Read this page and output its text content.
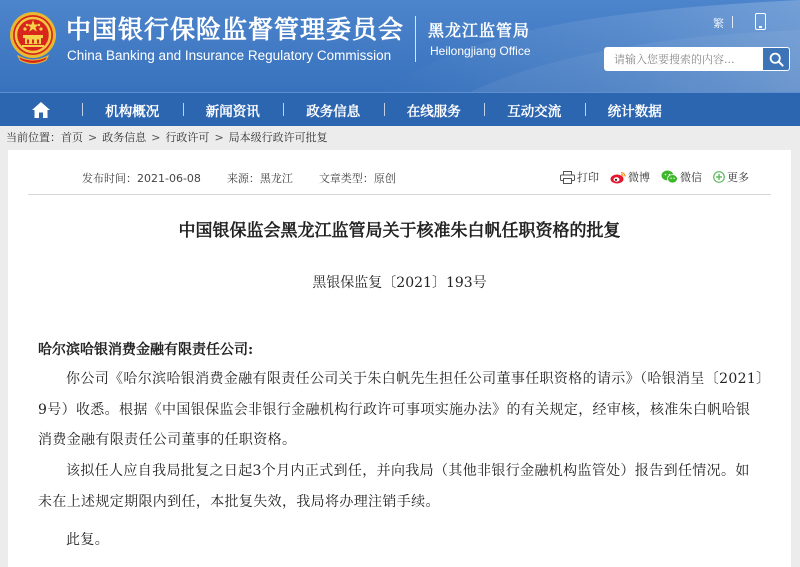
中国银行保险监督管理委员会
China Banking and Insurance Regulatory Commission
黑龙江监管局
Heilongjiang Office
繁
请输入您要搜索的内容...
机构概况	新闻资讯	政务信息	在线服务	互动交流	统计数据
当前位置： 首页 > 政务信息 > 行政许可 > 局本级行政许可批复
发布时间：2021-06-08 来源：黑龙江 文章类型：原创	打印	微博	微信 更多
中国银保监会黑龙江监管局关于核准朱白帆任职资格的批复
黑银保监复〔2021〕193号
哈尔滨哈银消费金融有限责任公司:

你公司《哈尔滨哈银消费金融有限责任公司关于朱白帆先生担任公司董事任职资格的请示》（哈银消呈〔2021〕9号）收悉。根据《中国银保监会非银行金融机构行政许可事项实施办法》的有关规定，经审核，核准朱白帆哈银消费金融有限责任公司董事的任职资格。

该拟任人应自我局批复之日起3个月内正式到任，并向我局（其他非银行金融机构监管处）报告到任情况。如未在上述规定期限内到任，本批复失效，我局将办理注销手续。

此复。
